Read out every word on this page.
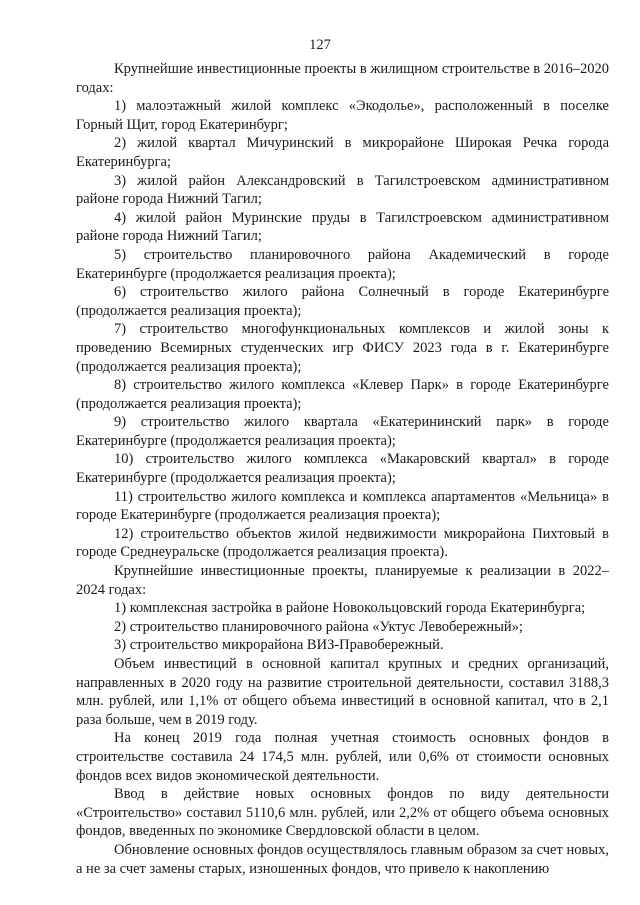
127

Крупнейшие инвестиционные проекты в жилищном строительстве в 2016–2020 годах:

1) малоэтажный жилой комплекс «Экодолье», расположенный в поселке Горный Щит, город Екатеринбург;

2) жилой квартал Мичуринский в микрорайоне Широкая Речка города Екатеринбурга;

3) жилой район Александровский в Тагилстроевском административном районе города Нижний Тагил;

4) жилой район Муринские пруды в Тагилстроевском административном районе города Нижний Тагил;

5) строительство планировочного района Академический в городе Екатеринбурге (продолжается реализация проекта);

6) строительство жилого района Солнечный в городе Екатеринбурге (продолжается реализация проекта);

7) строительство многофункциональных комплексов и жилой зоны к проведению Всемирных студенческих игр ФИСУ 2023 года в г. Екатеринбурге (продолжается реализация проекта);

8) строительство жилого комплекса «Клевер Парк» в городе Екатеринбурге (продолжается реализация проекта);

9) строительство жилого квартала «Екатерининский парк» в городе Екатеринбурге (продолжается реализация проекта);

10) строительство жилого комплекса «Макаровский квартал» в городе Екатеринбурге (продолжается реализация проекта);

11) строительство жилого комплекса и комплекса апартаментов «Мельница» в городе Екатеринбурге (продолжается реализация проекта);

12) строительство объектов жилой недвижимости микрорайона Пихтовый в городе Среднеуральске (продолжается реализация проекта).

Крупнейшие инвестиционные проекты, планируемые к реализации в 2022–2024 годах:

1) комплексная застройка в районе Новокольцовский города Екатеринбурга;

2) строительство планировочного района «Уктус Левобережный»;

3) строительство микрорайона ВИЗ-Правобережный.

Объем инвестиций в основной капитал крупных и средних организаций, направленных в 2020 году на развитие строительной деятельности, составил 3188,3 млн. рублей, или 1,1% от общего объема инвестиций в основной капитал, что в 2,1 раза больше, чем в 2019 году.

На конец 2019 года полная учетная стоимость основных фондов в строительстве составила 24 174,5 млн. рублей, или 0,6% от стоимости основных фондов всех видов экономической деятельности.

Ввод в действие новых основных фондов по виду деятельности «Строительство» составил 5110,6 млн. рублей, или 2,2% от общего объема основных фондов, введенных по экономике Свердловской области в целом.

Обновление основных фондов осуществлялось главным образом за счет новых, а не за счет замены старых, изношенных фондов, что привело к накоплению
